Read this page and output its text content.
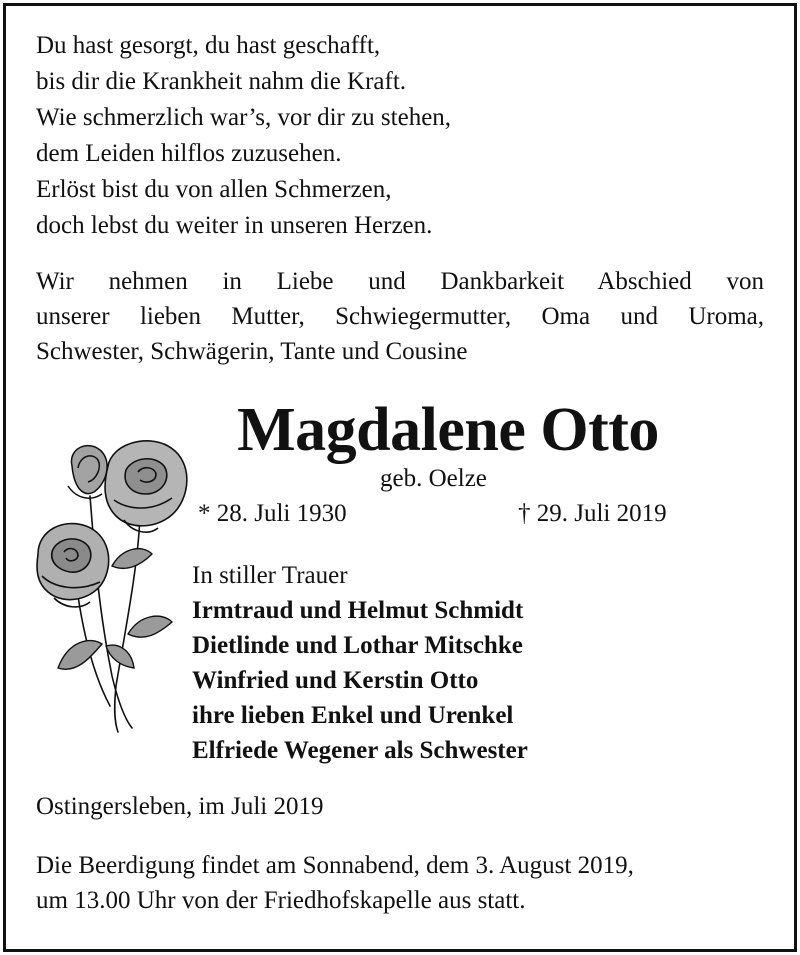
Du hast gesorgt, du hast geschafft,
bis dir die Krankheit nahm die Kraft.
Wie schmerzlich war’s, vor dir zu stehen,
dem Leiden hilflos zuzusehen.
Erlöst bist du von allen Schmerzen,
doch lebst du weiter in unseren Herzen.
Wir nehmen in Liebe und Dankbarkeit Abschied von
unserer lieben Mutter, Schwiegermutter, Oma und Uroma,
Schwester, Schwägerin, Tante und Cousine
Magdalene Otto
geb. Oelze
* 28. Juli 1930	† 29. Juli 2019
In stiller Trauer
Irmtraud und Helmut Schmidt
Dietlinde und Lothar Mitschke
Winfried und Kerstin Otto
ihre lieben Enkel und Urenkel
Elfriede Wegener als Schwester
Ostingersleben, im Juli 2019
Die Beerdigung findet am Sonnabend, dem 3. August 2019,
um 13.00 Uhr von der Friedhofskapelle aus statt.
